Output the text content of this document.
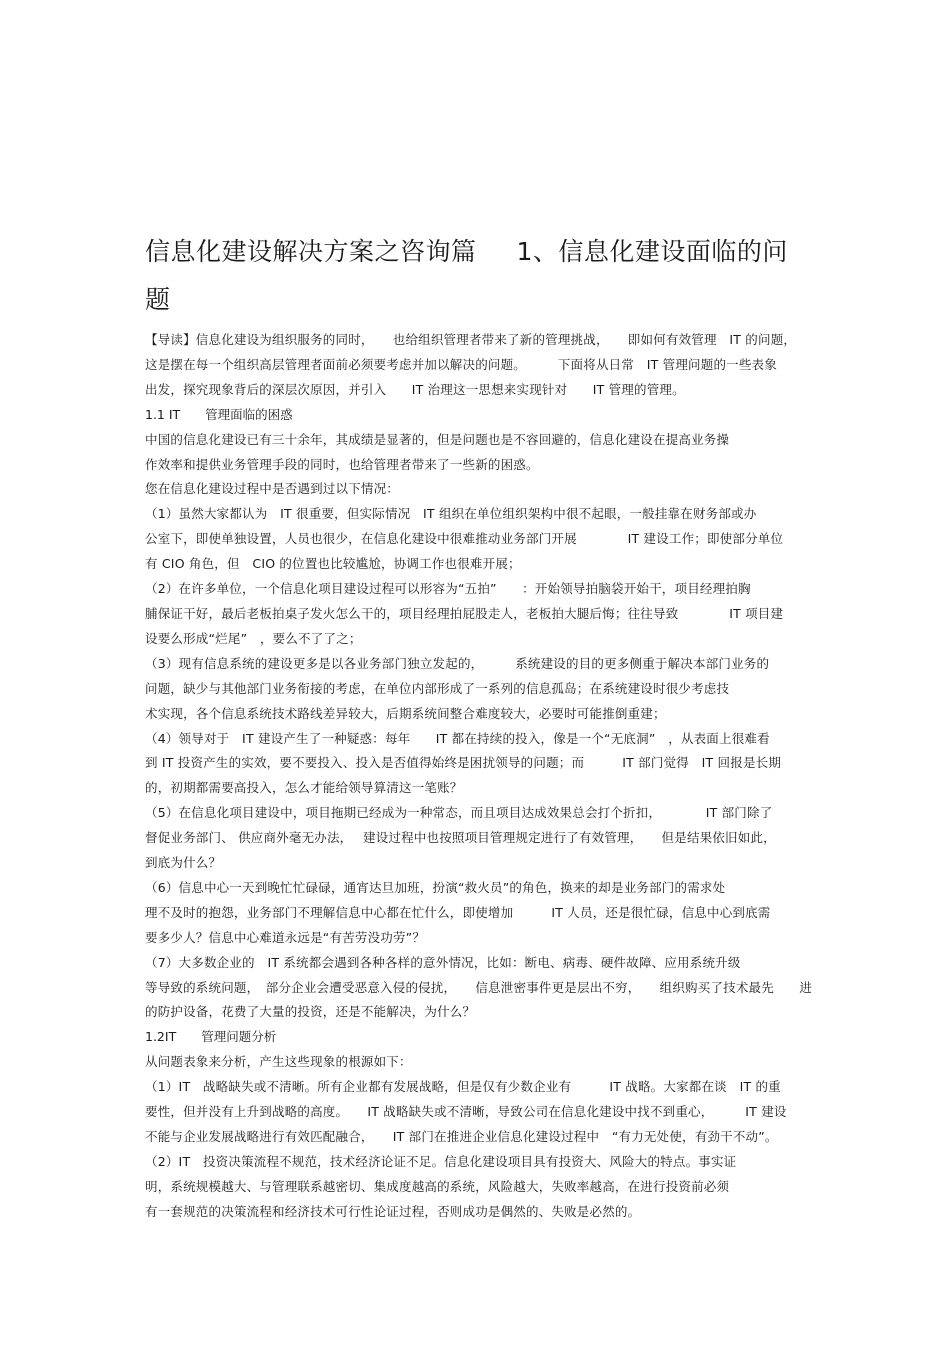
信息化建设解决方案之咨询篇 1、信息化建设面临的问
题
【导读】信息化建设为组织服务的同时，　　也给组织管理者带来了新的管理挑战，　　即如何有效管理　IT 的问题，
这是摆在每一个组织高层管理者面前必须要考虑并加以解决的问题。　　　下面将从日常　IT 管理问题的一些表象
出发，探究现象背后的深层次原因，并引入　　IT 治理这一思想来实现针对　　IT 管理的管理。
1.1 IT　　管理面临的困惑
中国的信息化建设已有三十余年，其成绩是显著的，但是问题也是不容回避的，信息化建设在提高业务操
作效率和提供业务管理手段的同时，也给管理者带来了一些新的困惑。
您在信息化建设过程中是否遇到过以下情况：
（1）虽然大家都认为　IT 很重要，但实际情况　IT 组织在单位组织架构中很不起眼，一般挂靠在财务部或办
公室下，即使单独设置，人员也很少，在信息化建设中很难推动业务部门开展　　　　IT 建设工作；即使部分单位
有 CIO 角色，但　CIO 的位置也比较尴尬，协调工作也很难开展；
（2）在许多单位，一个信息化项目建设过程可以形容为“五拍”　　：开始领导拍脑袋开始干，项目经理拍胸
脯保证干好，最后老板拍桌子发火怎么干的，项目经理拍屁股走人，老板拍大腿后悔；往往导致　　　　IT 项目建
设要么形成“烂尾”　，要么不了了之；
（3）现有信息系统的建设更多是以各业务部门独立发起的，　　　系统建设的目的更多侧重于解决本部门业务的
问题，缺少与其他部门业务衔接的考虑，在单位内部形成了一系列的信息孤岛；在系统建设时很少考虑技
术实现，各个信息系统技术路线差异较大，后期系统间整合难度较大，必要时可能推倒重建；
（4）领导对于　IT 建设产生了一种疑惑：每年　　IT 都在持续的投入，像是一个“无底洞”　，从表面上很难看
到 IT 投资产生的实效，要不要投入、投入是否值得始终是困扰领导的问题；而　　　IT 部门觉得　IT 回报是长期
的，初期都需要高投入，怎么才能给领导算清这一笔账？
（5）在信息化项目建设中，项目拖期已经成为一种常态，而且项目达成效果总会打个折扣，　　　　IT 部门除了
督促业务部门、 供应商外毫无办法，　 建设过程中也按照项目管理规定进行了有效管理，　　但是结果依旧如此，
到底为什么？
（6）信息中心一天到晚忙忙碌碌，通宵达旦加班，扮演“救火员”的角色，换来的却是业务部门的需求处
理不及时的抱怨，业务部门不理解信息中心都在忙什么，即使增加　　　IT 人员，还是很忙碌，信息中心到底需
要多少人？信息中心难道永远是“有苦劳没功劳”？
（7）大多数企业的　IT 系统都会遇到各种各样的意外情况，比如：断电、病毒、硬件故障、应用系统升级
等导致的系统问题，　部分企业会遭受恶意入侵的侵扰，　　信息泄密事件更是层出不穷，　　组织购买了技术最先　　进
的防护设备，花费了大量的投资，还是不能解决，为什么？
1.2IT　　管理问题分析
从问题表象来分析，产生这些现象的根源如下：
（1）IT　战略缺失或不清晰。所有企业都有发展战略，但是仅有少数企业有　　　IT 战略。大家都在谈　IT 的重
要性，但并没有上升到战略的高度。　　IT 战略缺失或不清晰，导致公司在信息化建设中找不到重心，　　　IT 建设
不能与企业发展战略进行有效匹配融合，　　IT 部门在推进企业信息化建设过程中　“有力无处使，有劲干不动”。
（2）IT　投资决策流程不规范，技术经济论证不足。信息化建设项目具有投资大、风险大的特点。事实证
明，系统规模越大、与管理联系越密切、集成度越高的系统，风险越大，失败率越高，在进行投资前必须
有一套规范的决策流程和经济技术可行性论证过程，否则成功是偶然的、失败是必然的。
